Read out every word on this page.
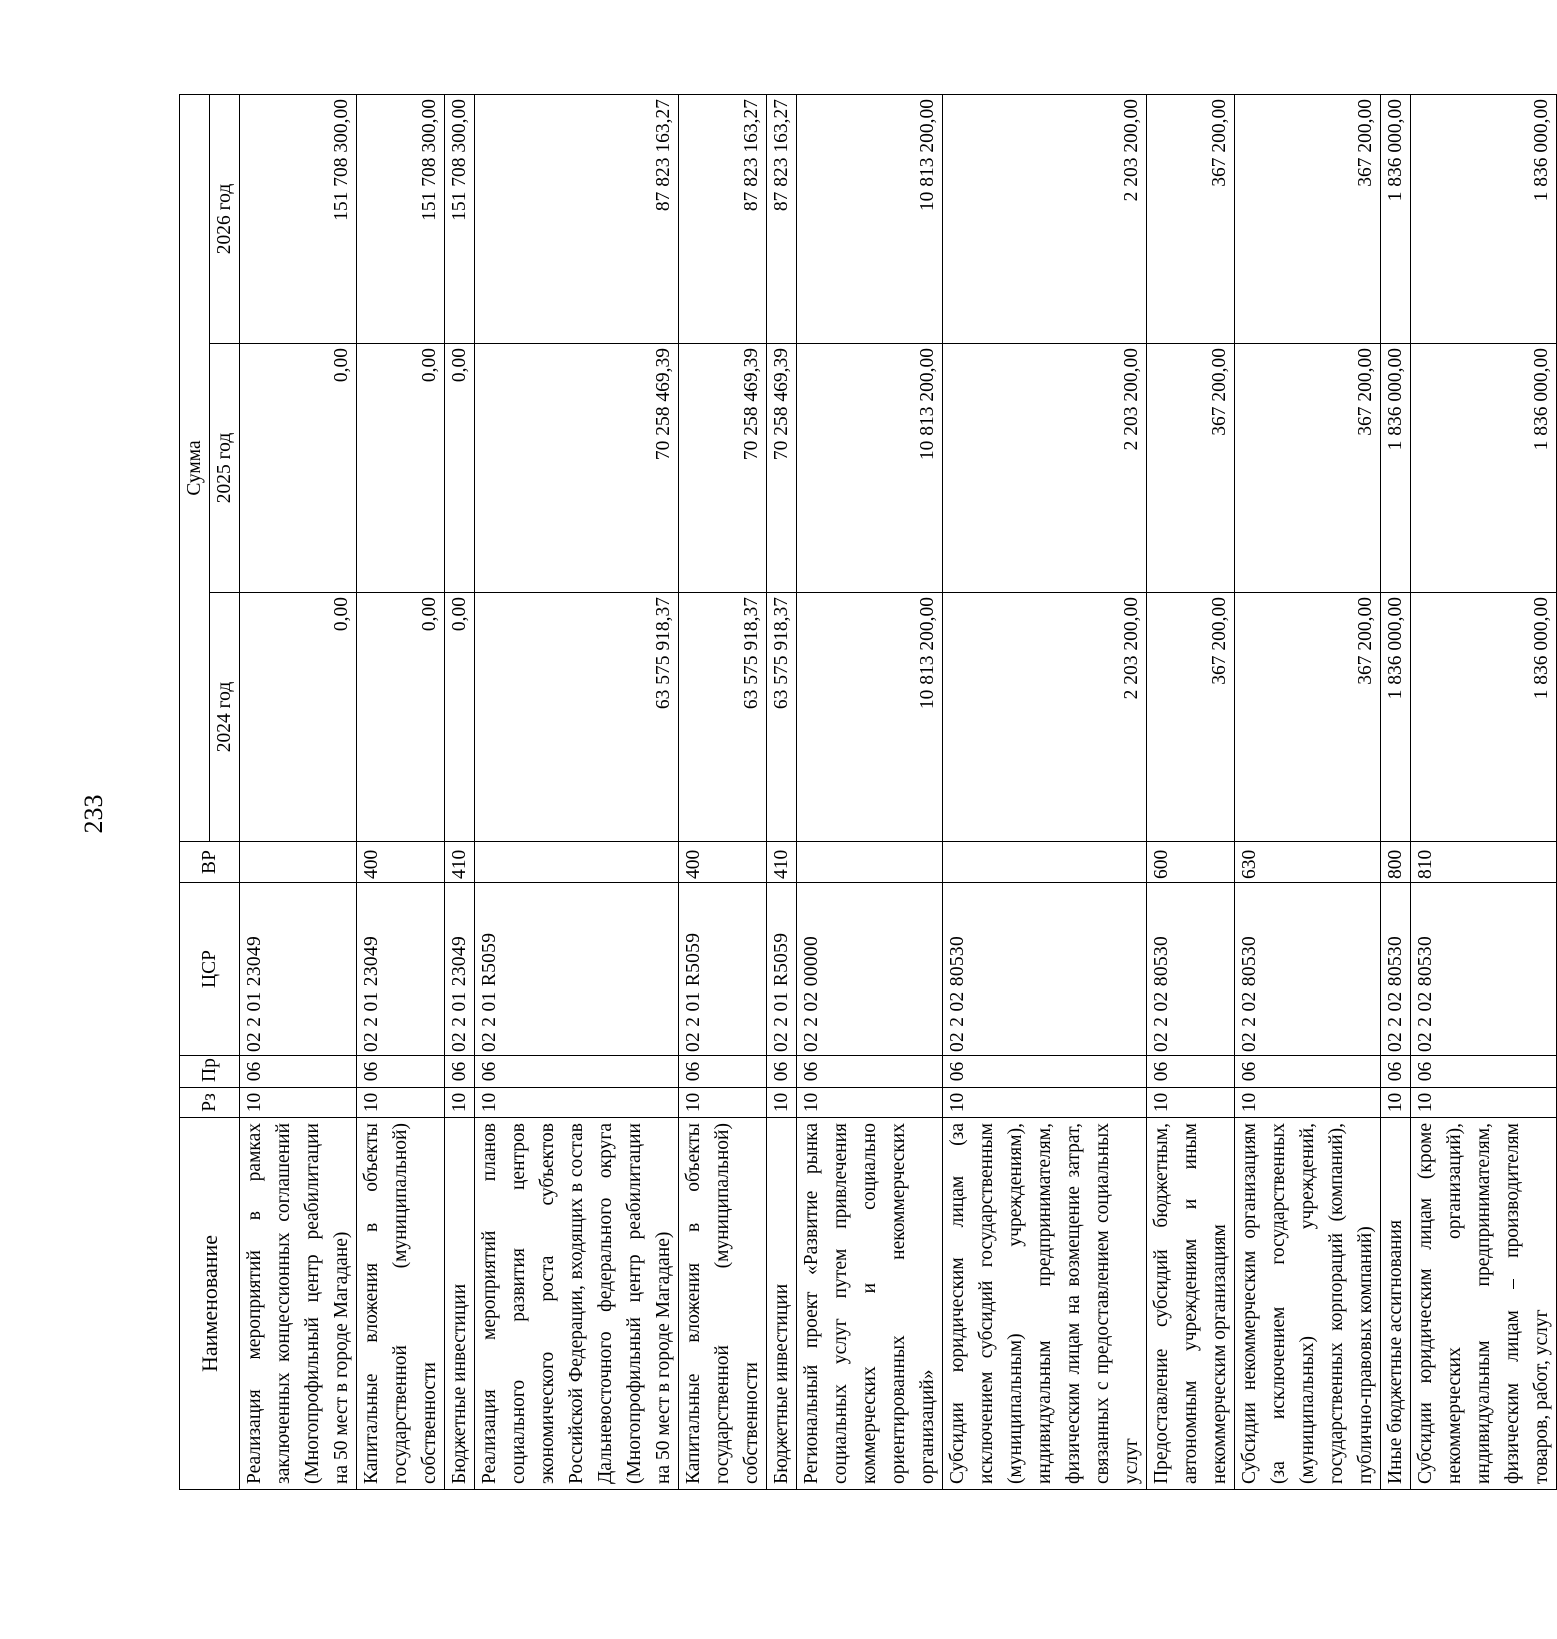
233
Наименование	Рз	Пр	ЦСР	ВР	Сумма		
					2024 год	2025 год	2026 год
Реализация мероприятий в рамках заключенных концессионных соглашений (Многопрофильный центр реабилитации на 50 мест в городе Магадане)	10	06	02 2 01 23049		0,00	0,00	151 708 300,00
Капитальные вложения в объекты государственной (муниципальной) собственности	10	06	02 2 01 23049	400	0,00	0,00	151 708 300,00
Бюджетные инвестиции	10	06	02 2 01 23049	410	0,00	0,00	151 708 300,00
Реализация мероприятий планов социального развития центров экономического роста субъектов Российской Федерации, входящих в состав Дальневосточного федерального округа (Многопрофильный центр реабилитации на 50 мест в городе Магадане)	10	06	02 2 01 R5059		63 575 918,37	70 258 469,39	87 823 163,27
Капитальные вложения в объекты государственной (муниципальной) собственности	10	06	02 2 01 R5059	400	63 575 918,37	70 258 469,39	87 823 163,27
Бюджетные инвестиции	10	06	02 2 01 R5059	410	63 575 918,37	70 258 469,39	87 823 163,27
Региональный проект «Развитие рынка социальных услуг путем привлечения коммерческих и социально ориентированных некоммерческих организаций»	10	06	02 2 02 00000		10 813 200,00	10 813 200,00	10 813 200,00
Субсидии юридическим лицам (за исключением субсидий государственным (муниципальным) учреждениям), индивидуальным предпринимателям, физическим лицам на возмещение затрат, связанных с предоставлением социальных услуг	10	06	02 2 02 80530		2 203 200,00	2 203 200,00	2 203 200,00
Предоставление субсидий бюджетным, автономным учреждениям и иным некоммерческим организациям	10	06	02 2 02 80530	600	367 200,00	367 200,00	367 200,00
Субсидии некоммерческим организациям (за исключением государственных (муниципальных) учреждений, государственных корпораций (компаний), публично-правовых компаний)	10	06	02 2 02 80530	630	367 200,00	367 200,00	367 200,00
Иные бюджетные ассигнования	10	06	02 2 02 80530	800	1 836 000,00	1 836 000,00	1 836 000,00
Субсидии юридическим лицам (кроме некоммерческих организаций), индивидуальным предпринимателям, физическим лицам – производителям товаров, работ, услуг	10	06	02 2 02 80530	810	1 836 000,00	1 836 000,00	1 836 000,00
